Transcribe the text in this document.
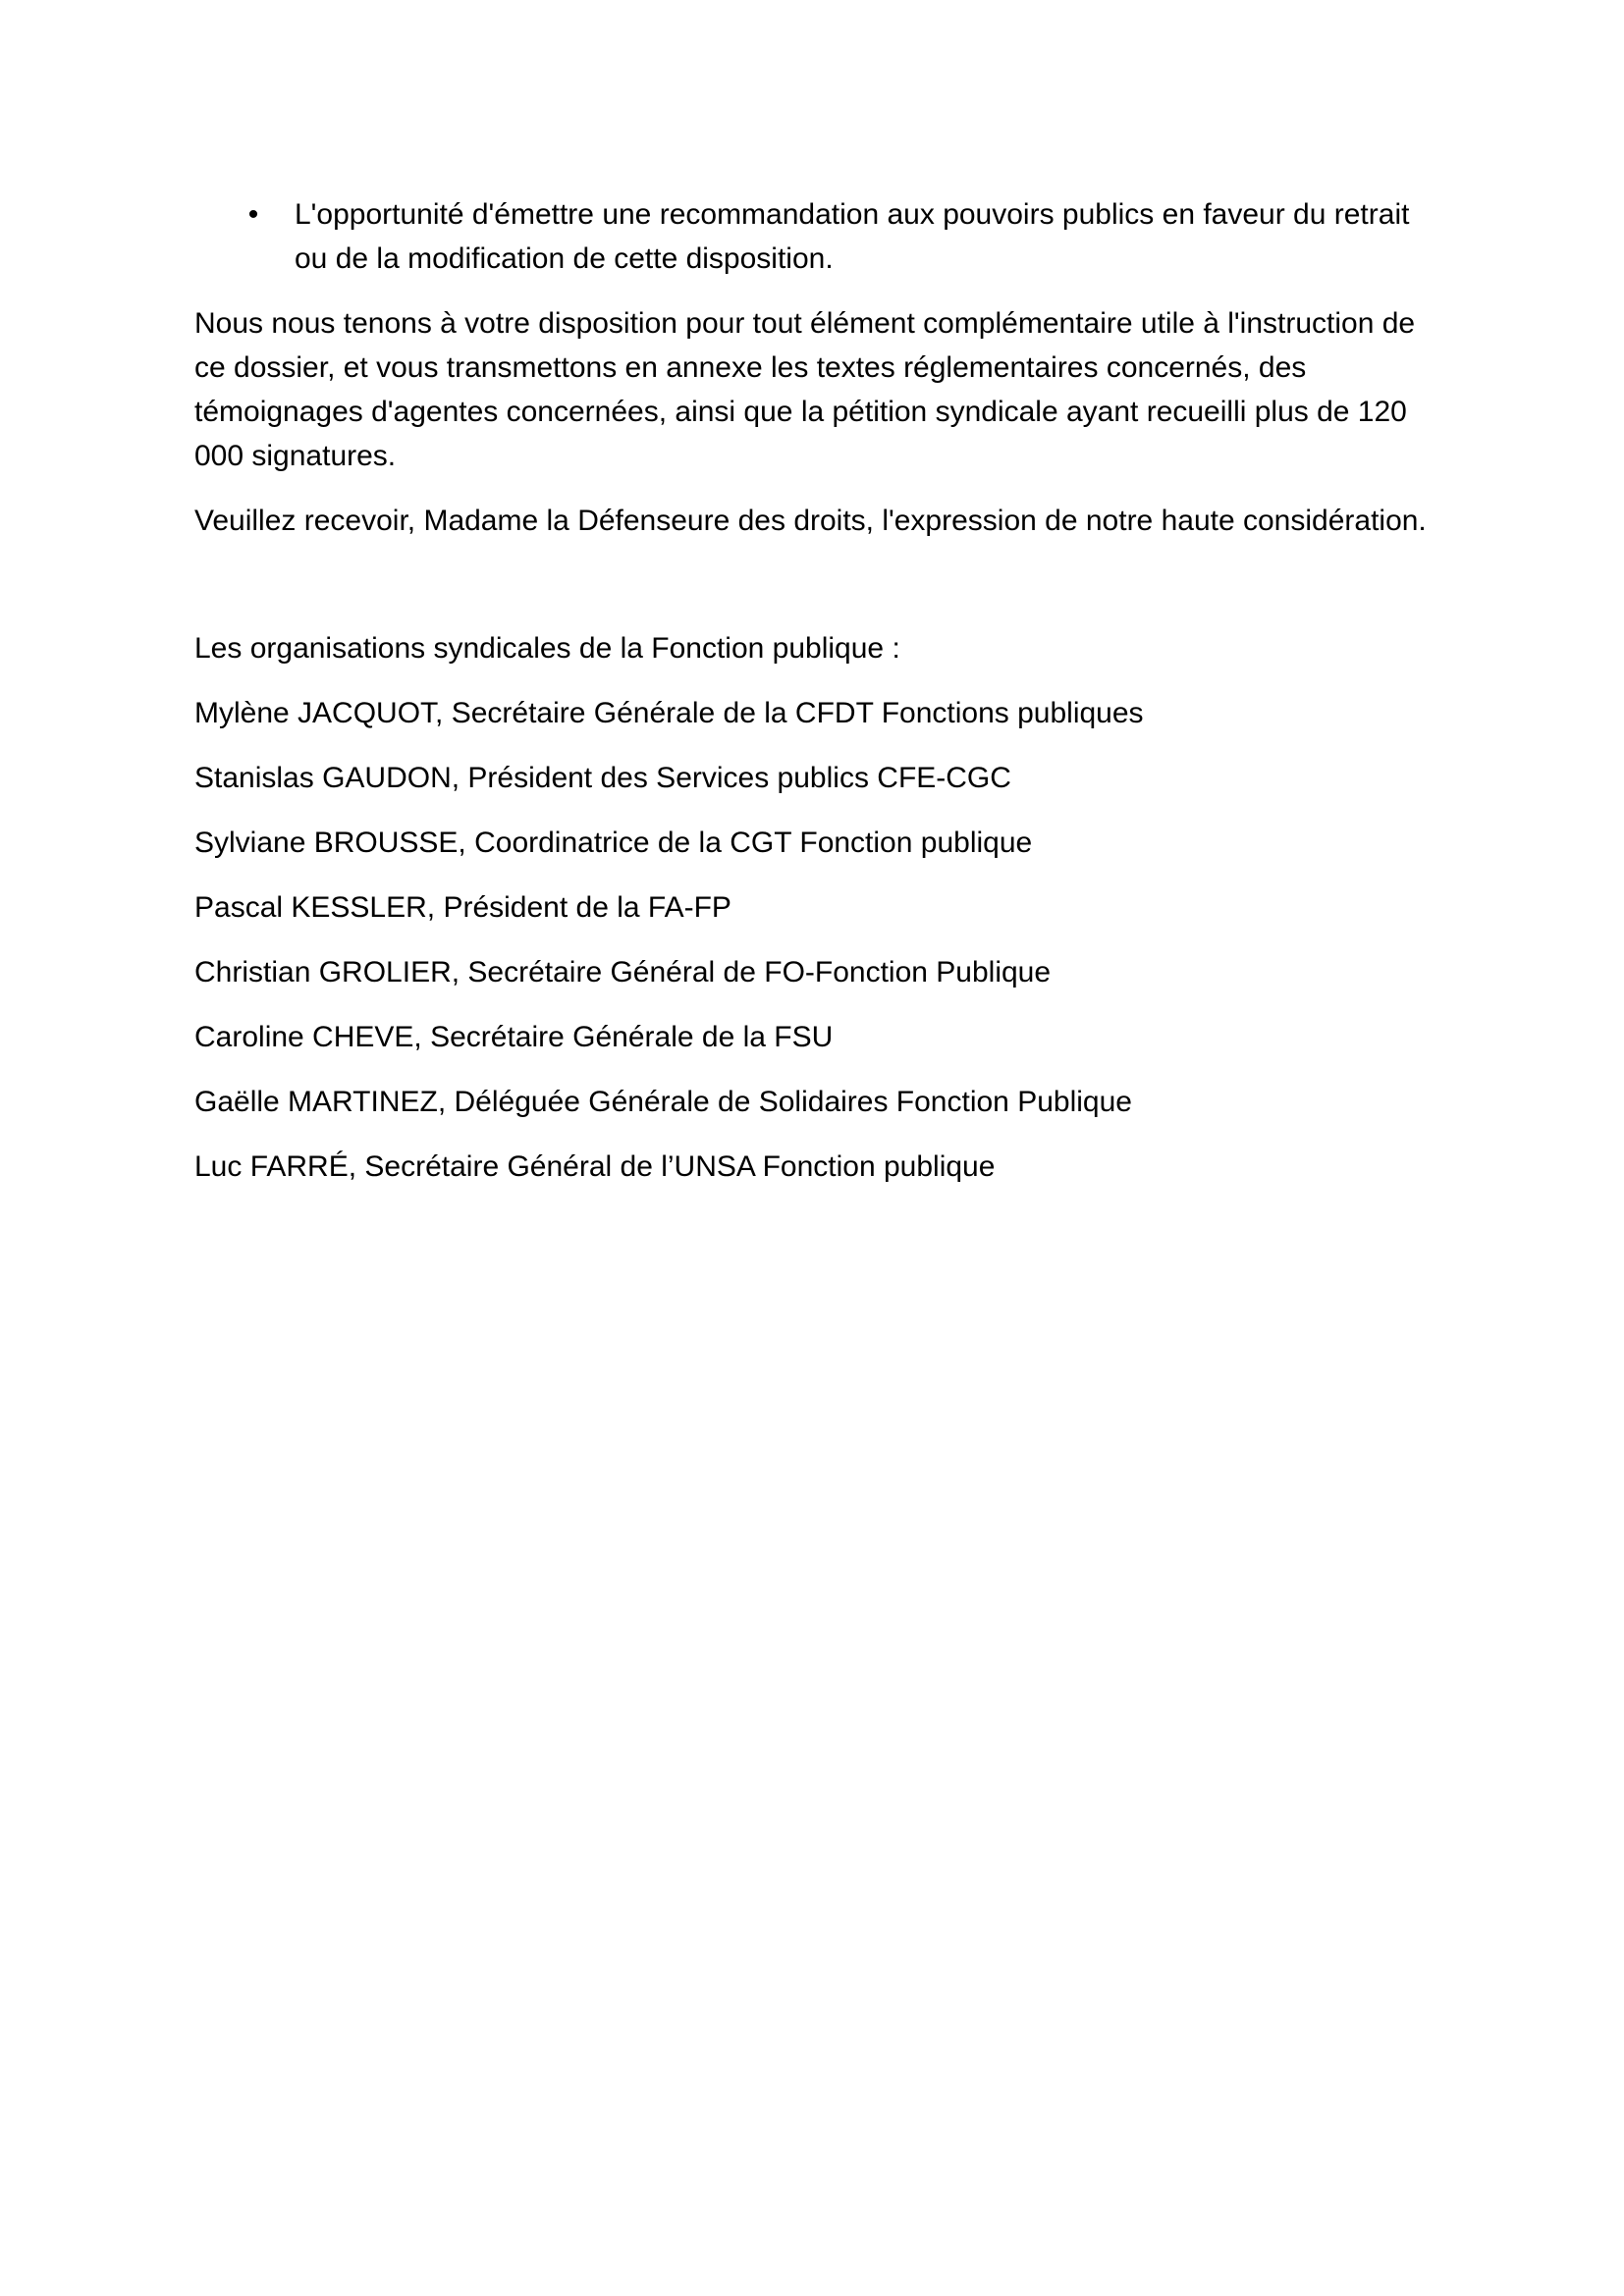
• L'opportunité d'émettre une recommandation aux pouvoirs publics en faveur du retrait ou de la modification de cette disposition.

Nous nous tenons à votre disposition pour tout élément complémentaire utile à l'instruction de ce dossier, et vous transmettons en annexe les textes réglementaires concernés, des témoignages d'agentes concernées, ainsi que la pétition syndicale ayant recueilli plus de 120 000 signatures.

Veuillez recevoir, Madame la Défenseure des droits, l'expression de notre haute considération.

Les organisations syndicales de la Fonction publique :

Mylène JACQUOT, Secrétaire Générale de la CFDT Fonctions publiques

Stanislas GAUDON, Président des Services publics CFE-CGC

Sylviane BROUSSE, Coordinatrice de la CGT Fonction publique

Pascal KESSLER, Président de la FA-FP

Christian GROLIER, Secrétaire Général de FO-Fonction Publique

Caroline CHEVE, Secrétaire Générale de la FSU

Gaëlle MARTINEZ, Déléguée Générale de Solidaires Fonction Publique

Luc FARRÉ, Secrétaire Général de l’UNSA Fonction publique
